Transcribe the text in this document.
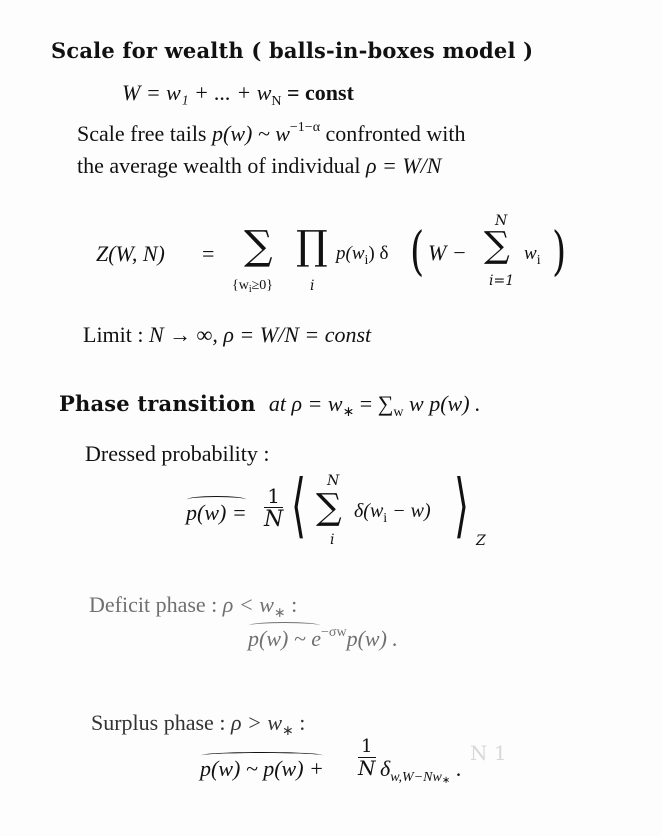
Scale for wealth ( balls-in-boxes model )
W = w₁ + ... + $w_N$ = const
Scale free tails p(w) ~ $w^{-1-\alpha}$ confronted with
the average wealth of individual ρ = W/N
Z(W, N) = ∑
$\{w_i\ge 0\}$
∏
i
$p(w_i)$ δ ( W −
N
∑
i=1
$w_i$ )
Limit : N → ∞, ρ = W/N = const
Phase transition at $\rho = w_∗ = \sum_w$ w p(w) .
Dressed probability :
$p(w) = \frac{1}{N}$ ⟨ N
∑
i
$\delta(w_i - w)$ ⟩ Z
Deficit phase : $\rho < w_∗$ :
p(w) ~ $e^{-\sigma w}p(w)$ .
Surplus phase : $\rho > w_∗$ :
p(w) ~ $p(w) + \frac{1}{N} \delta_{w,W-Nw∗}$ .
N 1
